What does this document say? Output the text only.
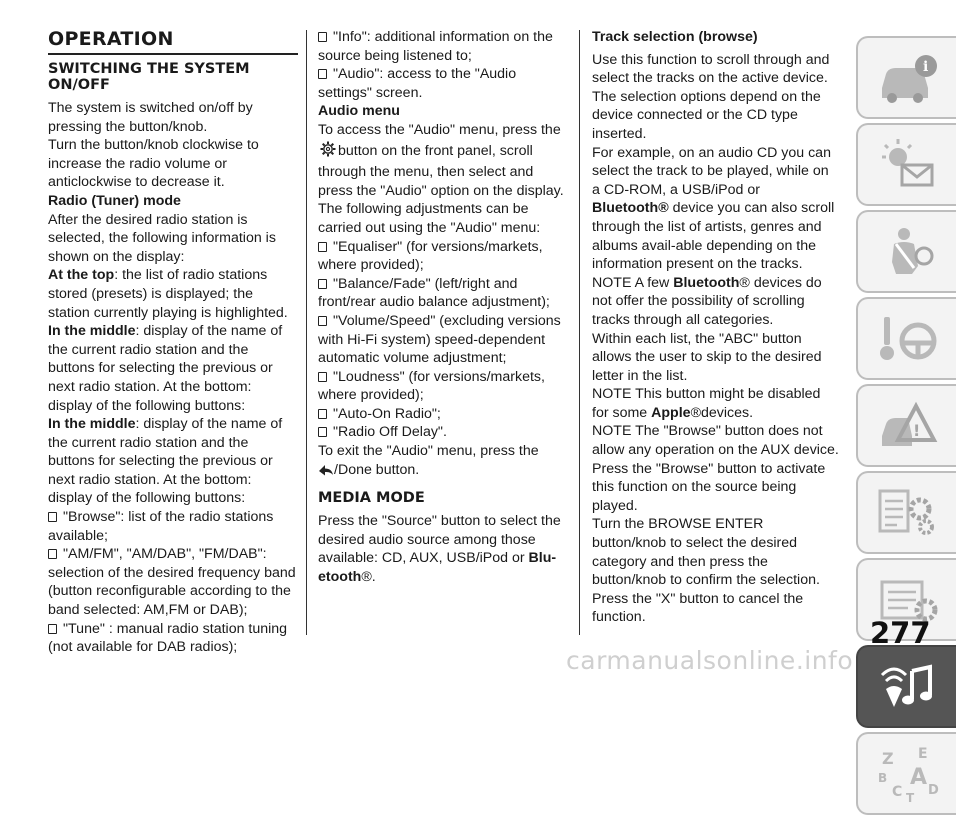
OPERATION
SWITCHING THE SYSTEM ON/OFF

The system is switched on/off by pressing the button/knob.

Turn the button/knob clockwise to increase the radio volume or anticlockwise to decrease it.

Radio (Tuner) mode

After the desired radio station is selected, the following information is shown on the display:

At the top: the list of radio stations stored (presets) is displayed; the station currently playing is highlighted.

In the middle: display of the name of the current radio station and the buttons for selecting the previous or next radio station. At the bottom: display of the following buttons:

In the middle: display of the name of the current radio station and the buttons for selecting the previous or next radio station. At the bottom: display of the following buttons:

"Browse": list of the radio stations available;

"AM/FM", "AM/DAB", "FM/DAB": selection of the desired frequency band (button reconfigurable according to the band selected: AM,FM or DAB);

"Tune" : manual radio station tuning (not available for DAB radios);

"Info": additional information on the source being listened to;

"Audio": access to the "Audio settings" screen.

Audio menu

To access the "Audio" menu, press the
button on the front panel, scroll through the menu, then select and press the "Audio" option on the display. The following adjustments can be carried out using the "Audio" menu:

"Equaliser" (for versions/markets, where provided);

"Balance/Fade" (left/right and front/rear audio balance adjustment);

"Volume/Speed" (excluding versions with Hi-Fi system) speed-dependent automatic volume adjustment;

"Loudness" (for versions/markets, where provided);

"Auto-On Radio";

"Radio Off Delay".

To exit the "Audio" menu, press the
/Done button.

MEDIA MODE

Press the "Source" button to select the desired audio source among those available: CD, AUX, USB/iPod or Blu-etooth®.

Track selection (browse)

Use this function to scroll through and select the tracks on the active device. The selection options depend on the device connected or the CD type inserted.

For example, on an audio CD you can select the track to be played, while on a CD-ROM, a USB/iPod or Bluetooth® device you can also scroll through the list of artists, genres and albums avail-able depending on the information present on the tracks.

NOTE A few Bluetooth® devices do not offer the possibility of scrolling tracks through all categories.

Within each list, the "ABC" button allows the user to skip to the desired letter in the list.

NOTE This button might be disabled for some Apple®devices.

NOTE The "Browse" button does not allow any operation on the AUX device.

Press the "Browse" button to activate this function on the source being played.

Turn the BROWSE ENTER button/knob to select the desired category and then press the button/knob to confirm the selection.

Press the "X" button to cancel the function.

i
!
Z E
B A
C T D
277
carmanualsonline.info
